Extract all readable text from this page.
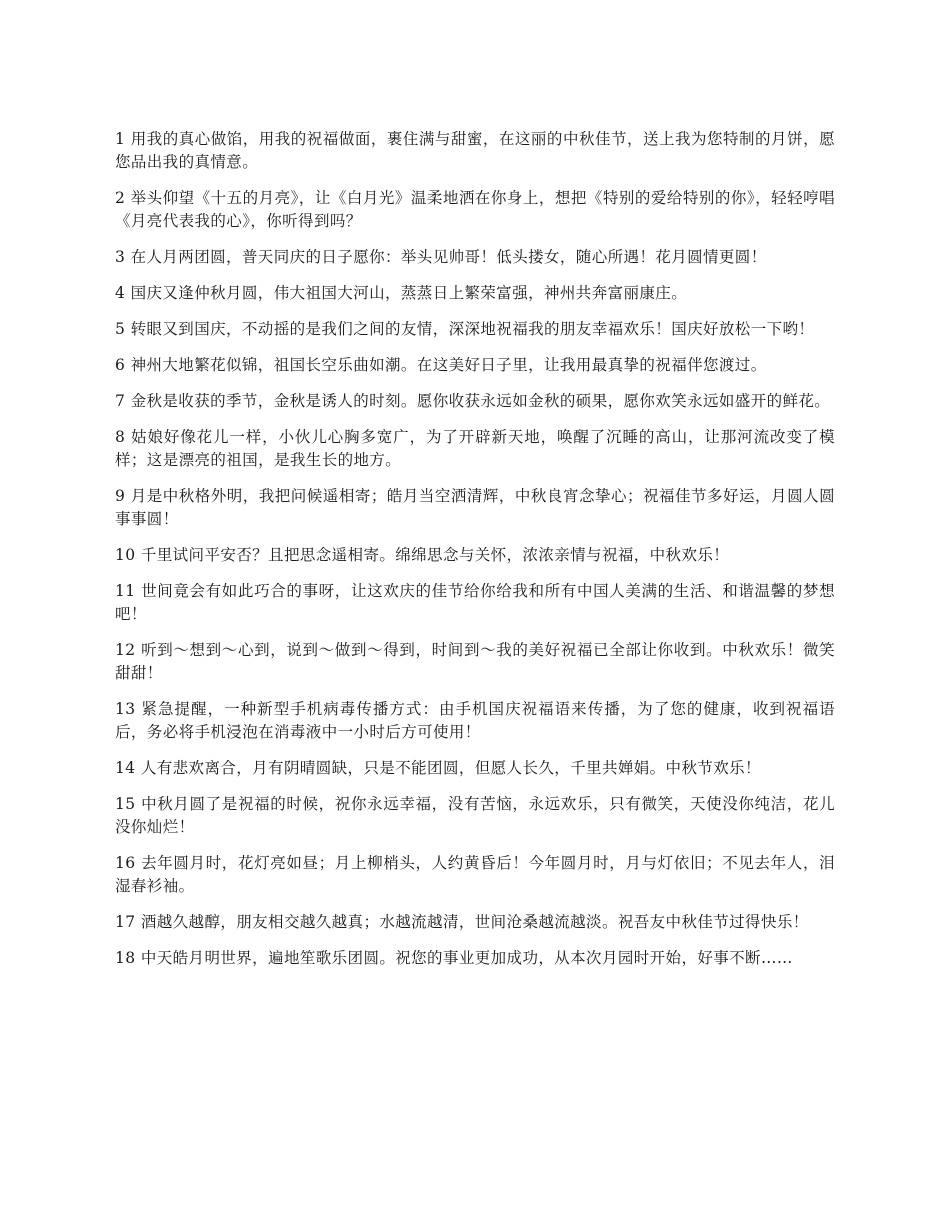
1 用我的真心做馅，用我的祝福做面，裹住满与甜蜜，在这丽的中秋佳节，送上我为您特制的月饼，愿您品出我的真情意。

2 举头仰望《十五的月亮》，让《白月光》温柔地洒在你身上，想把《特别的爱给特别的你》，轻轻哼唱《月亮代表我的心》，你听得到吗？

3 在人月两团圆，普天同庆的日子愿你：举头见帅哥！低头搂女，随心所遇！花月圆情更圆！

4 国庆又逢仲秋月圆，伟大祖国大河山，蒸蒸日上繁荣富强，神州共奔富丽康庄。

5 转眼又到国庆，不动摇的是我们之间的友情，深深地祝福我的朋友幸福欢乐！国庆好放松一下哟！

6 神州大地繁花似锦，祖国长空乐曲如潮。在这美好日子里，让我用最真挚的祝福伴您渡过。

7 金秋是收获的季节，金秋是诱人的时刻。愿你收获永远如金秋的硕果，愿你欢笑永远如盛开的鲜花。

8 姑娘好像花儿一样，小伙儿心胸多宽广，为了开辟新天地，唤醒了沉睡的高山，让那河流改变了模样；这是漂亮的祖国，是我生长的地方。

9 月是中秋格外明，我把问候遥相寄；皓月当空洒清辉，中秋良宵念挚心；祝福佳节多好运，月圆人圆事事圆！

10 千里试问平安否？且把思念遥相寄。绵绵思念与关怀，浓浓亲情与祝福，中秋欢乐！

11 世间竟会有如此巧合的事呀，让这欢庆的佳节给你给我和所有中国人美满的生活、和谐温馨的梦想吧！

12 听到～想到～心到，说到～做到～得到，时间到～我的美好祝福已全部让你收到。中秋欢乐！微笑甜甜！

13 紧急提醒，一种新型手机病毒传播方式：由手机国庆祝福语来传播，为了您的健康，收到祝福语后，务必将手机浸泡在消毒液中一小时后方可使用！

14 人有悲欢离合，月有阴晴圆缺，只是不能团圆，但愿人长久，千里共婵娟。中秋节欢乐！

15 中秋月圆了是祝福的时候，祝你永远幸福，没有苦恼，永远欢乐，只有微笑，天使没你纯洁，花儿没你灿烂！

16 去年圆月时，花灯亮如昼；月上柳梢头，人约黄昏后！今年圆月时，月与灯依旧；不见去年人，泪湿春衫袖。

17 酒越久越醇，朋友相交越久越真；水越流越清，世间沧桑越流越淡。祝吾友中秋佳节过得快乐！

18 中天皓月明世界，遍地笙歌乐团圆。祝您的事业更加成功，从本次月园时开始，好事不断……
